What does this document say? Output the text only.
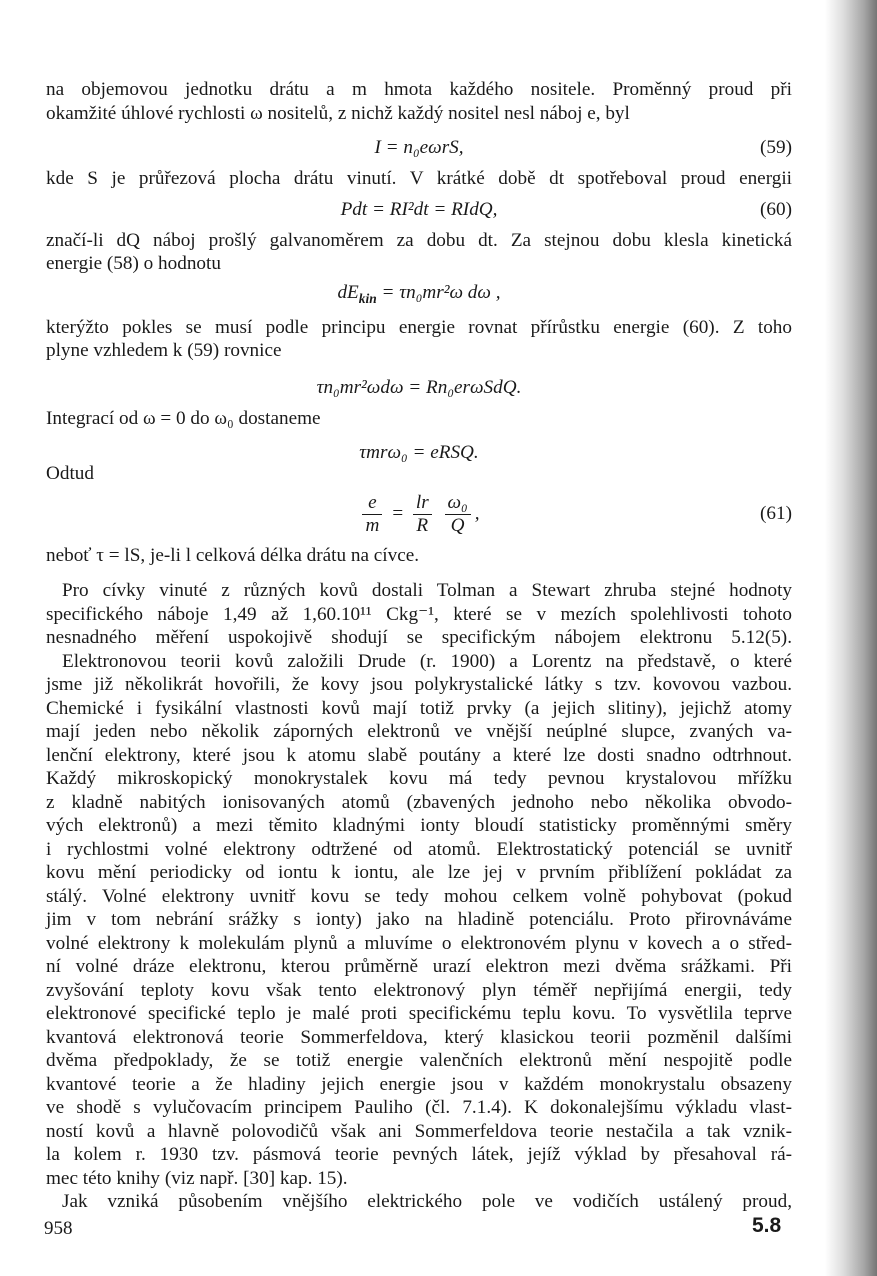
na objemovou jednotku drátu a m hmota každého nositele. Proměnný proud při
okamžité úhlové rychlosti ω nositelů, z nichž každý nositel nesl náboj e, byl
I = n₀eωrS,	(59)
kde S je průřezová plocha drátu vinutí. V krátké době dt spotřeboval proud energii
Pdt = RI²dt = RIdQ,	(60)
značí-li dQ náboj prošlý galvanoměrem za dobu dt. Za stejnou dobu klesla kinetická
energie (58) o hodnotu
$dE_{kin} = \tau n_0mr^2\omega$ dω ,
kterýžto pokles se musí podle principu energie rovnat přírůstku energie (60). Z toho
plyne vzhledem k (59) rovnice
τn₀mr²ωdω = Rn₀erωSdQ.
Integrací od ω = 0 do ω₀ dostaneme
τmrω₀ = eRSQ.
Odtud
$\frac{e}{m} = \frac{lr}{R}$
$\frac{\text{ω₀}}{Q}$ ,	(61)
neboť τ = lS, je-li l celková délka drátu na cívce.
Pro cívky vinuté z různých kovů dostali Tolman a Stewart zhruba stejné hodnoty
specifického náboje 1,49 až 1,60.10¹¹ Ckg⁻¹, které se v mezích spolehlivosti tohoto
nesnadného měření uspokojivě shodují se specifickým nábojem elektronu 5.12(5).
Elektronovou teorii kovů založili Drude (r. 1900) a Lorentz na představě, o které
jsme již několikrát hovořili, že kovy jsou polykrystalické látky s tzv. kovovou vazbou.
Chemické i fysikální vlastnosti kovů mají totiž prvky (a jejich slitiny), jejichž atomy
mají jeden nebo několik záporných elektronů ve vnější neúplné slupce, zvaných va-
lenční elektrony, které jsou k atomu slabě poutány a které lze dosti snadno odtrhnout.
Každý mikroskopický monokrystalek kovu má tedy pevnou krystalovou mřížku
z kladně nabitých ionisovaných atomů (zbavených jednoho nebo několika obvodo-
vých elektronů) a mezi těmito kladnými ionty bloudí statisticky proměnnými směry
i rychlostmi volné elektrony odtržené od atomů. Elektrostatický potenciál se uvnitř
kovu mění periodicky od iontu k iontu, ale lze jej v prvním přiblížení pokládat za
stálý. Volné elektrony uvnitř kovu se tedy mohou celkem volně pohybovat (pokud
jim v tom nebrání srážky s ionty) jako na hladině potenciálu. Proto přirovnáváme
volné elektrony k molekulám plynů a mluvíme o elektronovém plynu v kovech a o střed-
ní volné dráze elektronu, kterou průměrně urazí elektron mezi dvěma srážkami. Při
zvyšování teploty kovu však tento elektronový plyn téměř nepřijímá energii, tedy
elektronové specifické teplo je malé proti specifickému teplu kovu. To vysvětlila teprve
kvantová elektronová teorie Sommerfeldova, který klasickou teorii pozměnil dalšími
dvěma předpoklady, že se totiž energie valenčních elektronů mění nespojitě podle
kvantové teorie a že hladiny jejich energie jsou v každém monokrystalu obsazeny
ve shodě s vylučovacím principem Pauliho (čl. 7.1.4). K dokonalejšímu výkladu vlast-
ností kovů a hlavně polovodičů však ani Sommerfeldova teorie nestačila a tak vznik-
la kolem r. 1930 tzv. pásmová teorie pevných látek, jejíž výklad by přesahoval rá-
mec této knihy (viz např. [30] kap. 15).
Jak vzniká působením vnějšího elektrického pole ve vodičích ustálený proud,
958	5.8
